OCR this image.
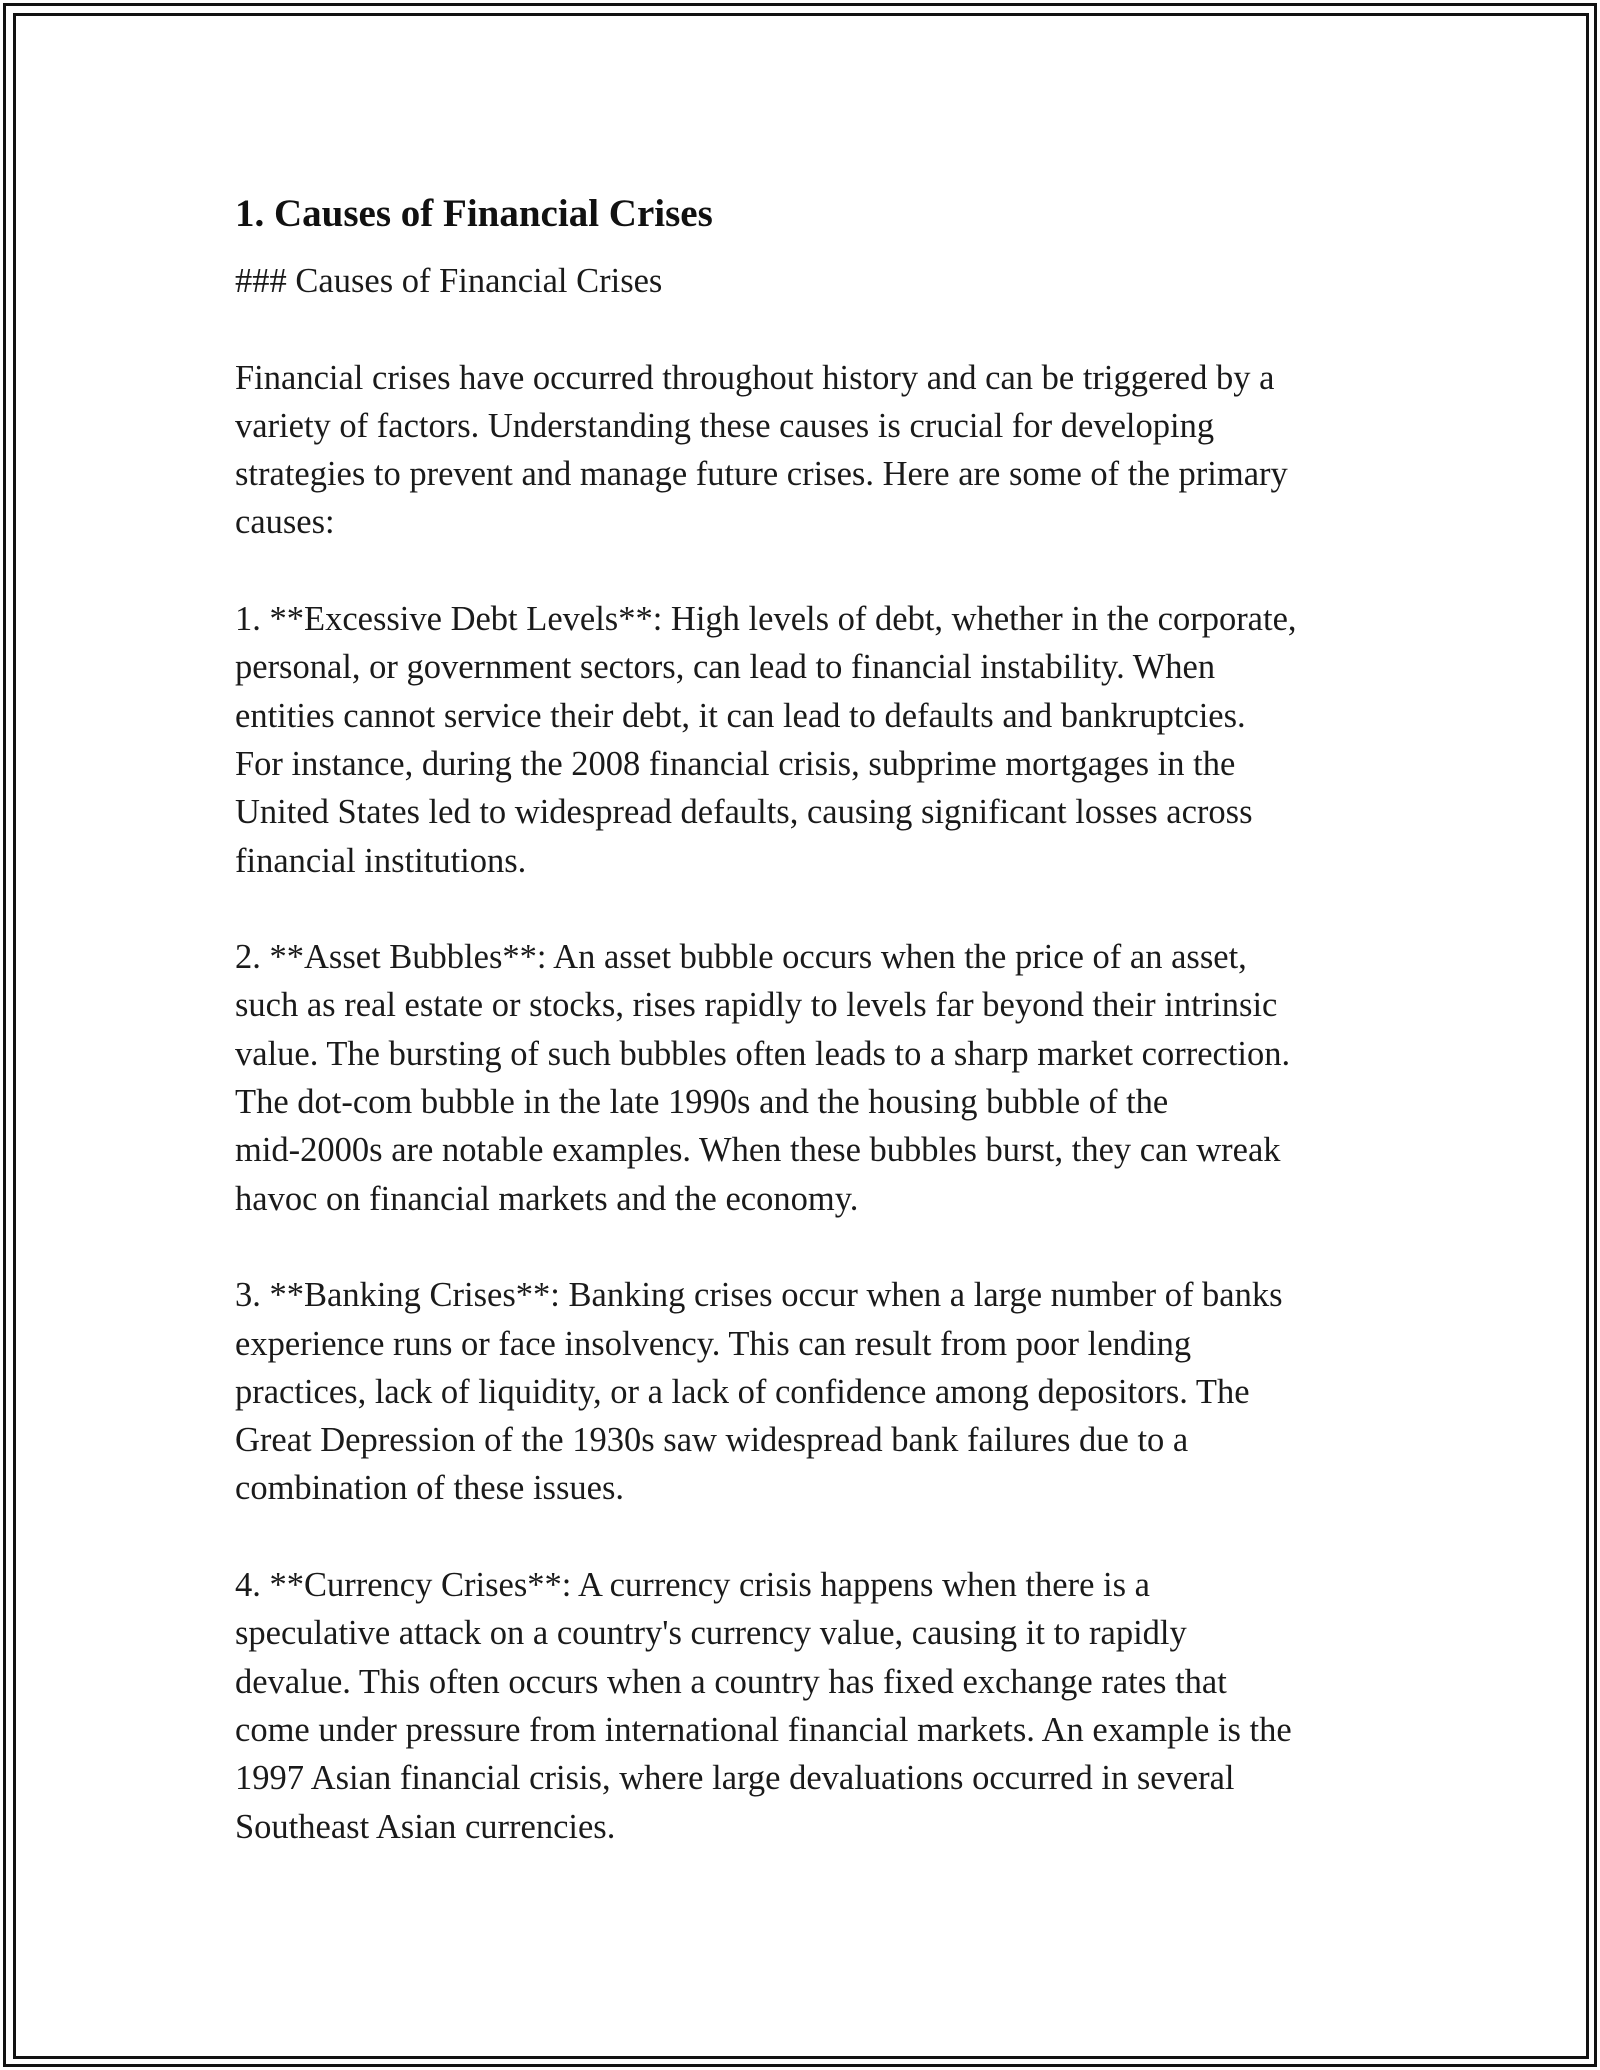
1. Causes of Financial Crises
### Causes of Financial Crises

Financial crises have occurred throughout history and can be triggered by a
variety of factors. Understanding these causes is crucial for developing
strategies to prevent and manage future crises. Here are some of the primary
causes:

1. **Excessive Debt Levels**: High levels of debt, whether in the corporate,
personal, or government sectors, can lead to financial instability. When
entities cannot service their debt, it can lead to defaults and bankruptcies.
For instance, during the 2008 financial crisis, subprime mortgages in the
United States led to widespread defaults, causing significant losses across
financial institutions.

2. **Asset Bubbles**: An asset bubble occurs when the price of an asset,
such as real estate or stocks, rises rapidly to levels far beyond their intrinsic
value. The bursting of such bubbles often leads to a sharp market correction.
The dot-com bubble in the late 1990s and the housing bubble of the
mid-2000s are notable examples. When these bubbles burst, they can wreak
havoc on financial markets and the economy.

3. **Banking Crises**: Banking crises occur when a large number of banks
experience runs or face insolvency. This can result from poor lending
practices, lack of liquidity, or a lack of confidence among depositors. The
Great Depression of the 1930s saw widespread bank failures due to a
combination of these issues.

4. **Currency Crises**: A currency crisis happens when there is a
speculative attack on a country's currency value, causing it to rapidly
devalue. This often occurs when a country has fixed exchange rates that
come under pressure from international financial markets. An example is the
1997 Asian financial crisis, where large devaluations occurred in several
Southeast Asian currencies.
